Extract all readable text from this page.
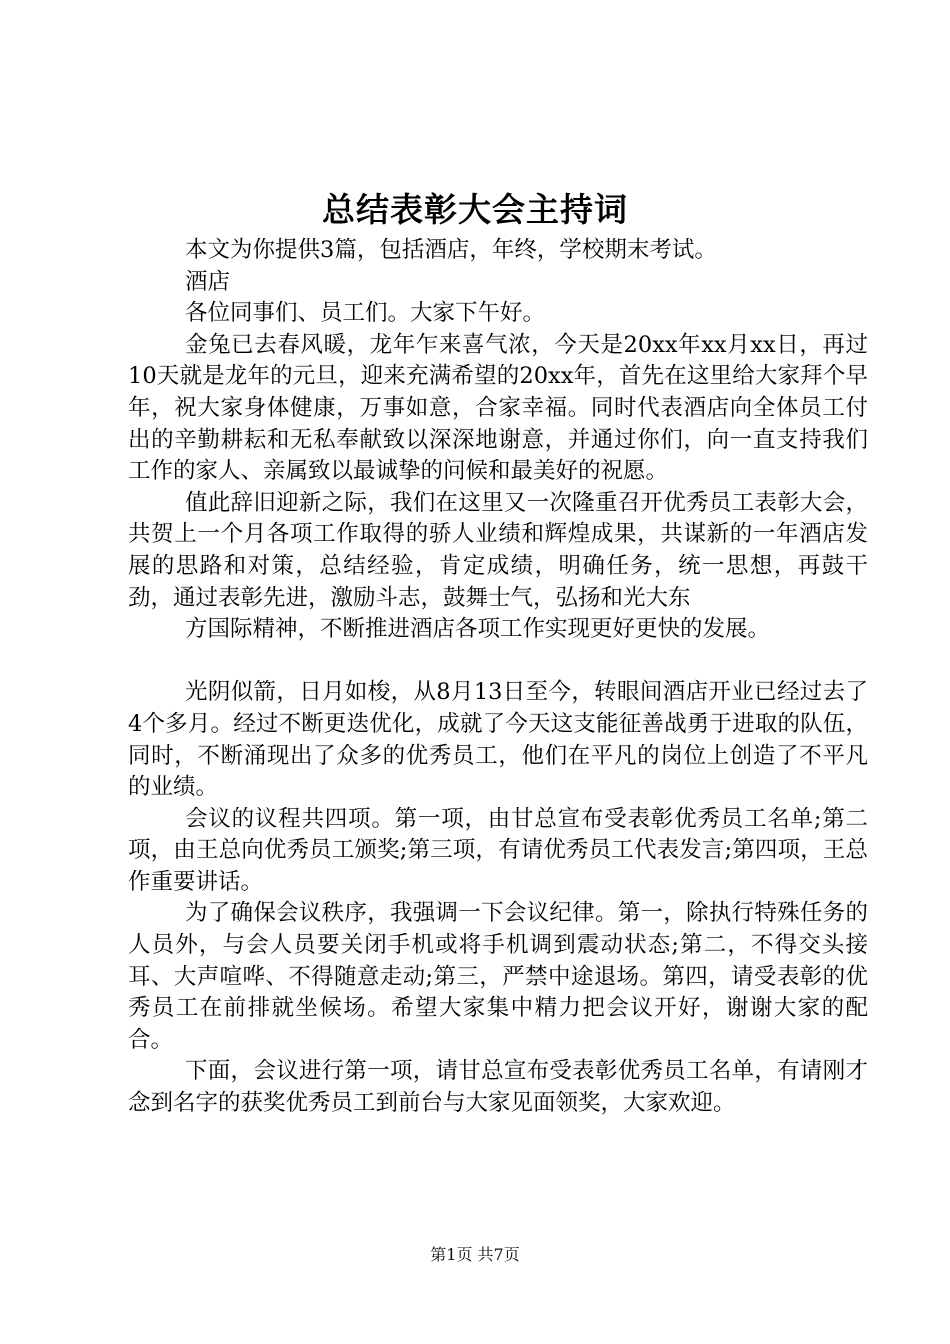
总结表彰大会主持词

本文为你提供3篇，包括酒店，年终，学校期末考试。

酒店

各位同事们、员工们。大家下午好。

金兔已去春风暖，龙年乍来喜气浓，今天是20xx年xx月xx日，再过10天就是龙年的元旦，迎来充满希望的20xx年，首先在这里给大家拜个早年，祝大家身体健康，万事如意，合家幸福。同时代表酒店向全体员工付出的辛勤耕耘和无私奉献致以深深地谢意，并通过你们，向一直支持我们工作的家人、亲属致以最诚挚的问候和最美好的祝愿。

值此辞旧迎新之际，我们在这里又一次隆重召开优秀员工表彰大会，共贺上一个月各项工作取得的骄人业绩和辉煌成果，共谋新的一年酒店发展的思路和对策，总结经验，肯定成绩，明确任务，统一思想，再鼓干劲，通过表彰先进，激励斗志，鼓舞士气，弘扬和光大东

方国际精神，不断推进酒店各项工作实现更好更快的发展。

光阴似箭，日月如梭，从8月13日至今，转眼间酒店开业已经过去了4个多月。经过不断更迭优化，成就了今天这支能征善战勇于进取的队伍，同时，不断涌现出了众多的优秀员工，他们在平凡的岗位上创造了不平凡的业绩。

会议的议程共四项。第一项，由甘总宣布受表彰优秀员工名单;第二项，由王总向优秀员工颁奖;第三项，有请优秀员工代表发言;第四项，王总作重要讲话。

为了确保会议秩序，我强调一下会议纪律。第一，除执行特殊任务的人员外，与会人员要关闭手机或将手机调到震动状态;第二，不得交头接耳、大声喧哗、不得随意走动;第三，严禁中途退场。第四，请受表彰的优秀员工在前排就坐候场。希望大家集中精力把会议开好，谢谢大家的配合。

下面，会议进行第一项，请甘总宣布受表彰优秀员工名单，有请刚才念到名字的获奖优秀员工到前台与大家见面领奖，大家欢迎。

第1页 共7页
